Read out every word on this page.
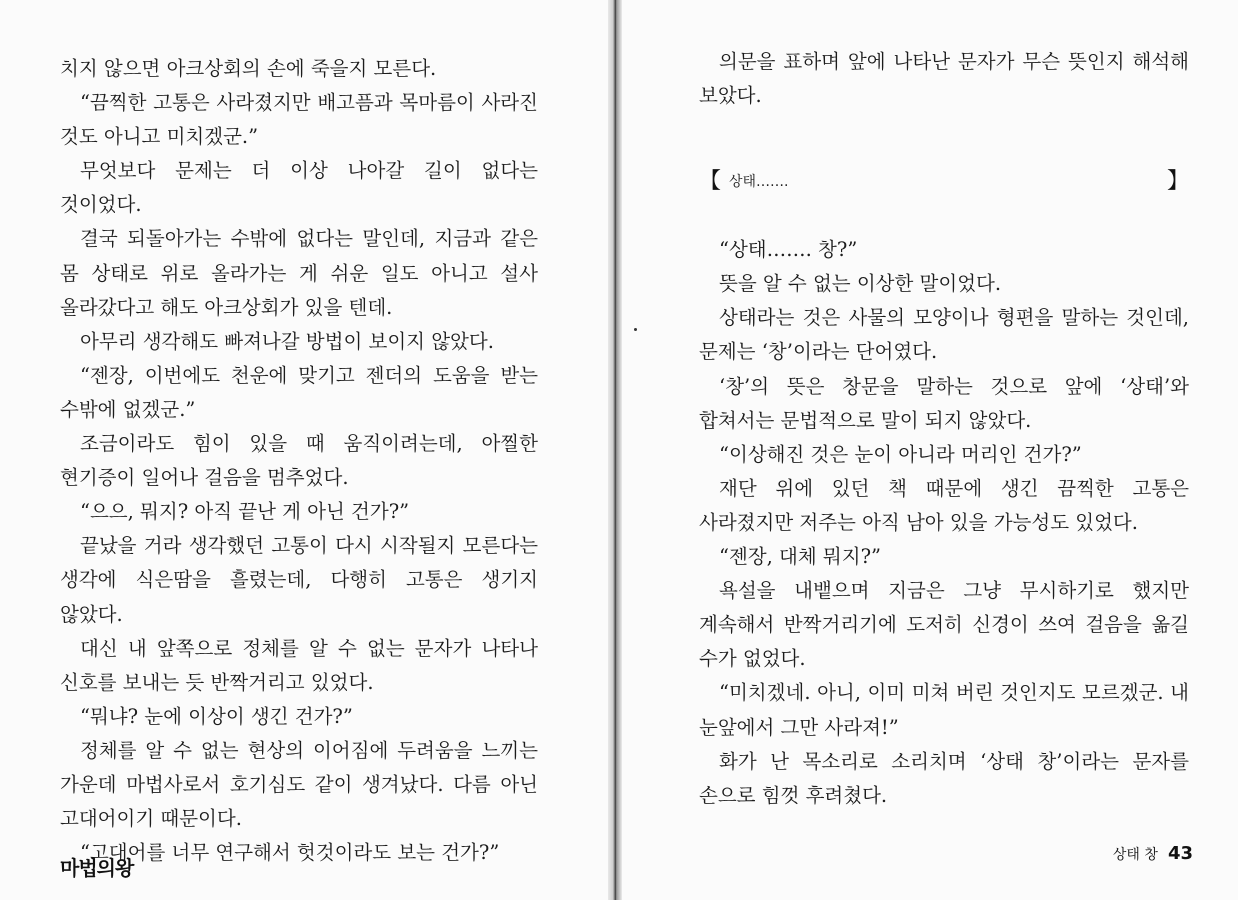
치지 않으면 아크상회의 손에 죽을지 모른다.

“끔찍한 고통은 사라졌지만 배고픔과 목마름이 사라진 것도 아니고 미치겠군.”

무엇보다 문제는 더 이상 나아갈 길이 없다는 것이었다.

결국 되돌아가는 수밖에 없다는 말인데, 지금과 같은 몸 상태로 위로 올라가는 게 쉬운 일도 아니고 설사 올라갔다고 해도 아크상회가 있을 텐데.

아무리 생각해도 빠져나갈 방법이 보이지 않았다.

“젠장, 이번에도 천운에 맞기고 젠더의 도움을 받는 수밖에 없겠군.”

조금이라도 힘이 있을 때 움직이려는데, 아찔한 현기증이 일어나 걸음을 멈추었다.

“으으, 뭐지? 아직 끝난 게 아닌 건가?”

끝났을 거라 생각했던 고통이 다시 시작될지 모른다는 생각에 식은땀을 흘렸는데, 다행히 고통은 생기지 않았다.

대신 내 앞쪽으로 정체를 알 수 없는 문자가 나타나 신호를 보내는 듯 반짝거리고 있었다.

“뭐냐? 눈에 이상이 생긴 건가?”

정체를 알 수 없는 현상의 이어짐에 두려움을 느끼는 가운데 마법사로서 호기심도 같이 생겨났다. 다름 아닌 고대어이기 때문이다.

“고대어를 너무 연구해서 헛것이라도 보는 건가?”

마법의왕

의문을 표하며 앞에 나타난 문자가 무슨 뜻인지 해석해 보았다.

【 상태…….	】

“상태……. 창?”

뜻을 알 수 없는 이상한 말이었다.

상태라는 것은 사물의 모양이나 형편을 말하는 것인데, 문제는 ‘창’이라는 단어였다.

‘창’의 뜻은 창문을 말하는 것으로 앞에 ‘상태’와 합쳐서는 문법적으로 말이 되지 않았다.

“이상해진 것은 눈이 아니라 머리인 건가?”

재단 위에 있던 책 때문에 생긴 끔찍한 고통은 사라졌지만 저주는 아직 남아 있을 가능성도 있었다.

“젠장, 대체 뭐지?”

욕설을 내뱉으며 지금은 그냥 무시하기로 했지만 계속해서 반짝거리기에 도저히 신경이 쓰여 걸음을 옮길 수가 없었다.

“미치겠네. 아니, 이미 미쳐 버린 것인지도 모르겠군. 내 눈앞에서 그만 사라져!”

화가 난 목소리로 소리치며 ‘상태 창’이라는 문자를 손으로 힘껏 후려쳤다.

상태 창 43
